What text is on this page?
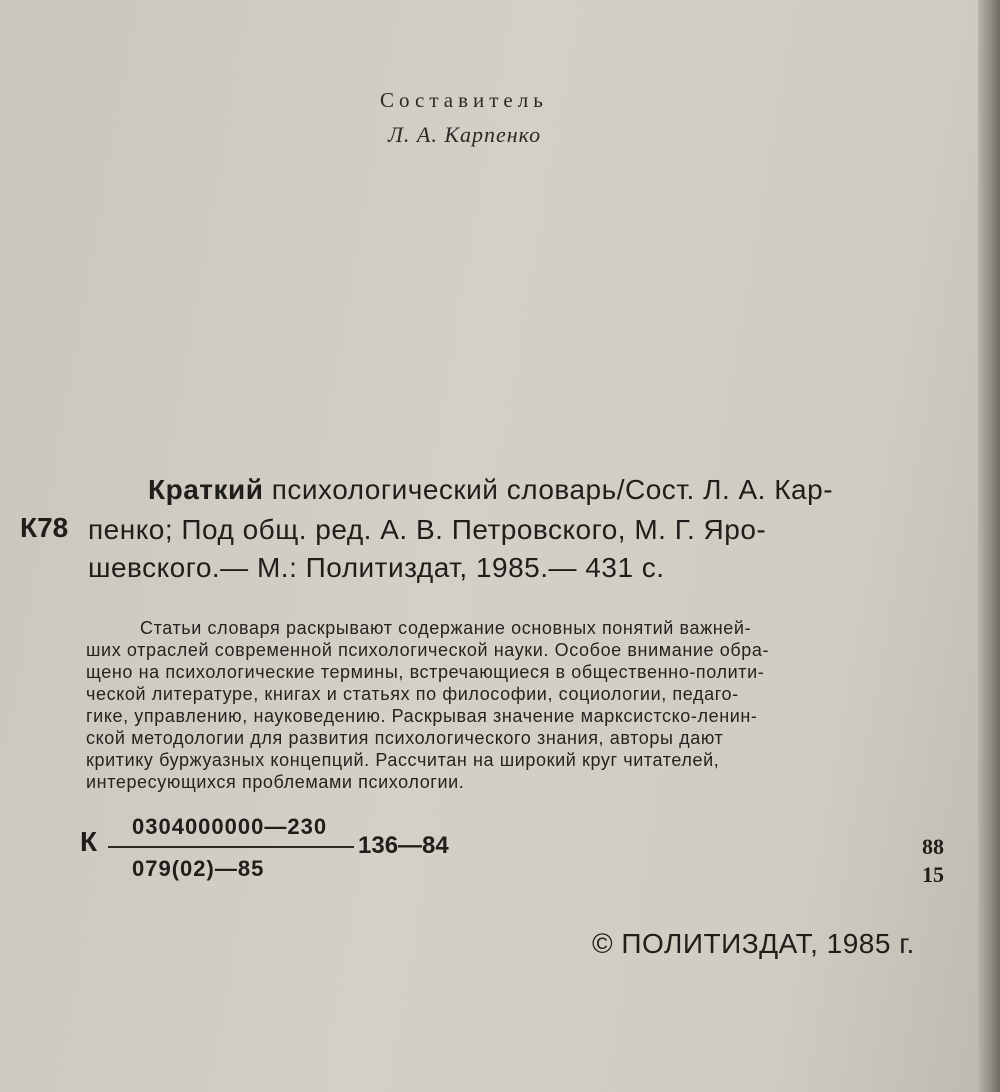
Составитель
Л. А. Карпенко
К78
Краткий психологический словарь/Сост. Л. А. Кар-
пенко; Под общ. ред. А. В. Петровского, М. Г. Яро-
шевского.— М.: Политиздат, 1985.— 431 с.
Статьи словаря раскрывают содержание основных понятий важней-
ших отраслей современной психологической науки. Особое внимание обра-
щено на психологические термины, встречающиеся в общественно-полити-
ческой литературе, книгах и статьях по философии, социологии, педаго-
гике, управлению, науковедению. Раскрывая значение марксистско-ленин-
ской методологии для развития психологического знания, авторы дают
критику буржуазных концепций. Рассчитан на широкий круг читателей,
интересующихся проблемами психологии.
К 0304000000—230
079(02)—85
136—84	88
15
© ПОЛИТИЗДАТ, 1985 г.
